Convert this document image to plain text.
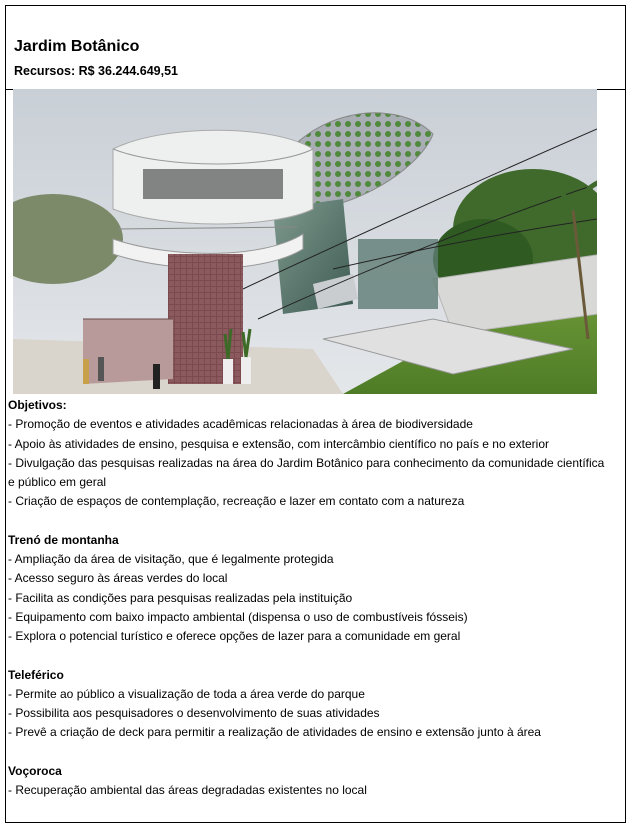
Jardim Botânico
Recursos: R$ 36.244.649,51
Objetivos:
- Promoção de eventos e atividades acadêmicas relacionadas à área de biodiversidade
- Apoio às atividades de ensino, pesquisa e extensão, com intercâmbio científico no país e no exterior
- Divulgação das pesquisas realizadas na área do Jardim Botânico para conhecimento da comunidade científica e público em geral
- Criação de espaços de contemplação, recreação e lazer em contato com a natureza
Trenó de montanha
- Ampliação da área de visitação, que é legalmente protegida
- Acesso seguro às áreas verdes do local
- Facilita as condições para pesquisas realizadas pela instituição
- Equipamento com baixo impacto ambiental (dispensa o uso de combustíveis fósseis)
- Explora o potencial turístico e oferece opções de lazer para a comunidade em geral
Teleférico
- Permite ao público a visualização de toda a área verde do parque
- Possibilita aos pesquisadores o desenvolvimento de suas atividades
- Prevê a criação de deck para permitir a realização de atividades de ensino e extensão junto à área
Voçoroca
- Recuperação ambiental das áreas degradadas existentes no local
